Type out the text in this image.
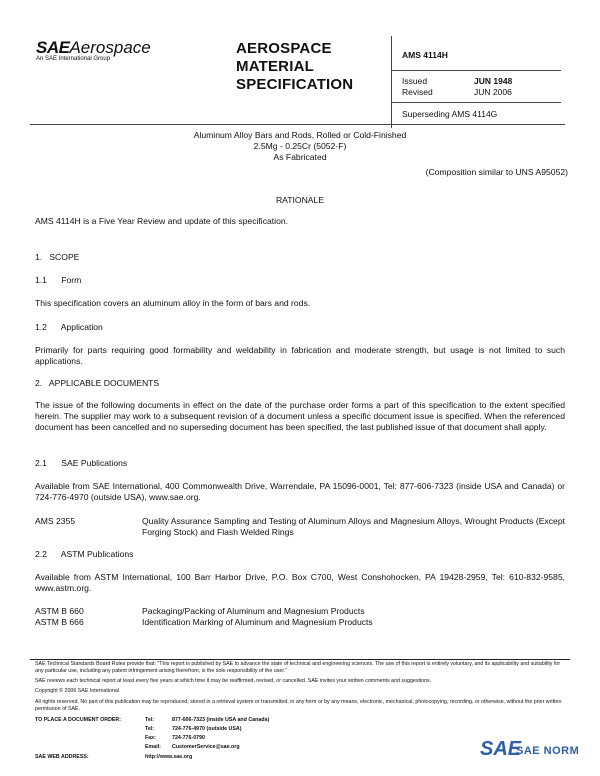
SAEAerospace
An SAE International Group
AEROSPACE
MATERIAL
SPECIFICATION
AMS 4114H
Issued	JUN 1948
Revised	JUN 2006
Superseding AMS 4114G
Aluminum Alloy Bars and Rods, Rolled or Cold-Finished
2.5Mg - 0.25Cr (5052-F)
As Fabricated
(Composition similar to UNS A95052)
RATIONALE
AMS 4114H is a Five Year Review and update of this specification.
1.   SCOPE
1.1      Form
This specification covers an aluminum alloy in the form of bars and rods.
1.2      Application
Primarily for parts requiring good formability and weldability in fabrication and moderate strength, but usage is not limited to such applications.
2.   APPLICABLE DOCUMENTS
The issue of the following documents in effect on the date of the purchase order forms a part of this specification to the extent specified herein. The supplier may work to a subsequent revision of a document unless a specific document issue is specified. When the referenced document has been cancelled and no superseding document has been specified, the last published issue of that document shall apply.
2.1      SAE Publications
Available from SAE International, 400 Commonwealth Drive, Warrendale, PA 15096-0001, Tel: 877-606-7323 (inside USA and Canada) or 724-776-4970 (outside USA), www.sae.org.
AMS 2355	Quality Assurance Sampling and Testing of Aluminum Alloys and Magnesium Alloys, Wrought Products (Except Forging Stock) and Flash Welded Rings
2.2      ASTM Publications
Available from ASTM International, 100 Barr Harbor Drive, P.O. Box C700, West Conshohocken, PA 19428-2959, Tel: 610-832-9585, www.astm.org.
ASTM B 660	Packaging/Packing of Aluminum and Magnesium Products
ASTM B 666	Identification Marking of Aluminum and Magnesium Products
SAE Technical Standards Board Rules provide that: "This report is published by SAE to advance the state of technical and engineering sciences. The use of this report is entirely voluntary, and its applicability and suitability for any particular use, including any patent infringement arising therefrom, is the sole responsibility of the user."
SAE reviews each technical report at least every five years at which time it may be reaffirmed, revised, or cancelled. SAE invites your written comments and suggestions.
Copyright © 2006 SAE International
All rights reserved. No part of this publication may be reproduced, stored in a retrieval system or transmitted, in any form or by any means, electronic, mechanical, photocopying, recording, or otherwise, without the prior written permission of SAE.
TO PLACE A DOCUMENT ORDER:	Tel:	877-606-7323 (inside USA and Canada)
Tel:	724-776-4970 (outside USA)
Fax:	724-776-0790
Email: CustomerService@sae.org
SAE WEB ADDRESS:	http://www.sae.org	SAE
SAE NORM
